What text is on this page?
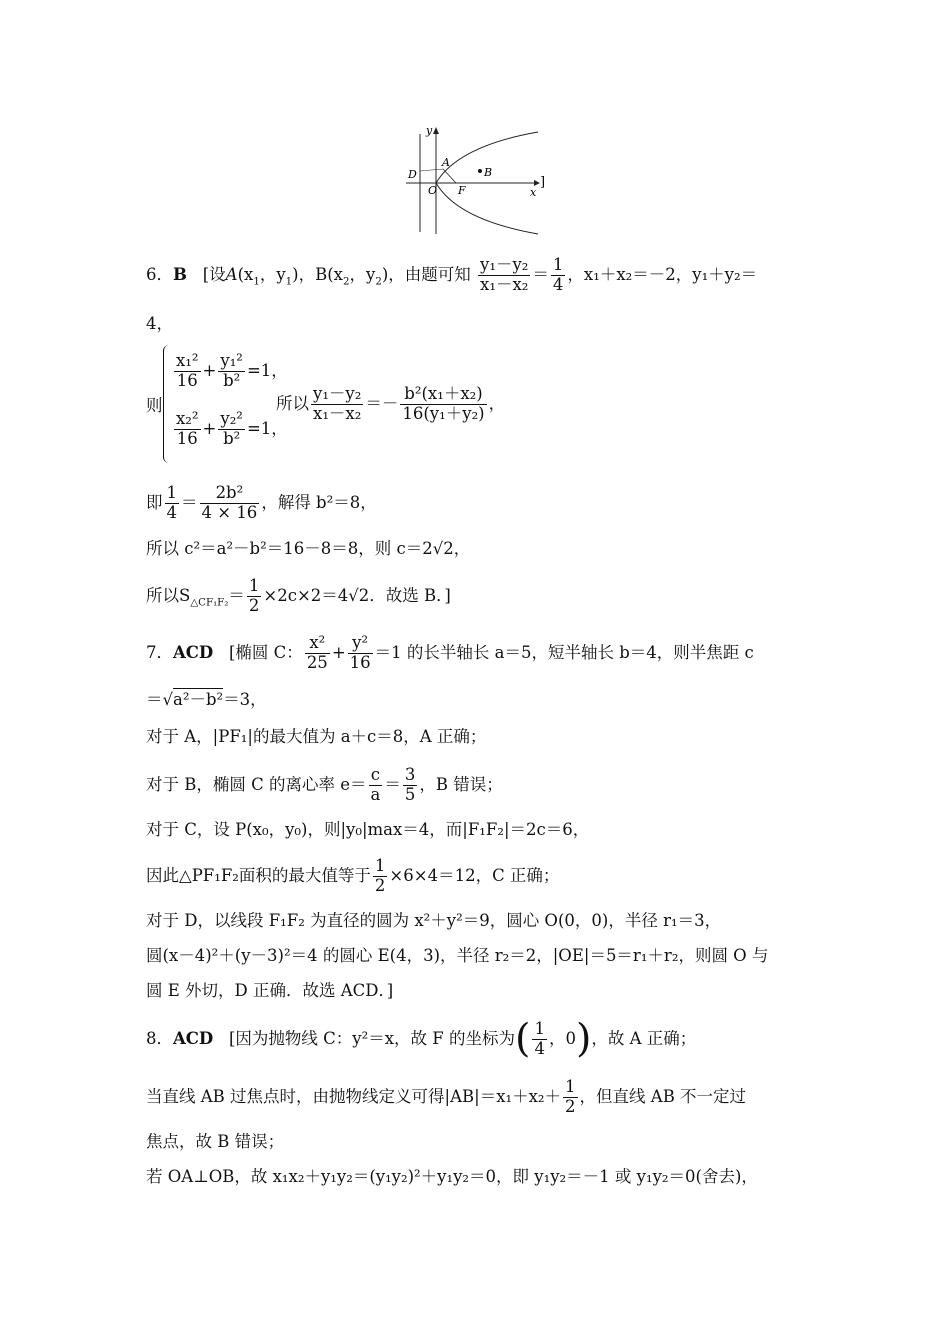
y
x
D
O
A
F
B
]
6．B [设$A(x_1$，$y_1$)，$B(x_2$，$y_2$)，由题可知 $\frac{\text{y₁－y₂}}{\text{x₁－x₂}} = \frac{1}{4}$ ，x₁＋x₂＝－2，y₁＋y₂＝
4，
则
$\frac{\text{x₁²}}{16} + \frac{\text{y₁²}}{\text{b²}} =1$，
$\frac{\text{x₂²}}{16} + \frac{\text{y₂²}}{\text{b²}} =1$，
所以 $\frac{\text{y₁－y₂}}{\text{x₁－x₂}} =- \frac{\text{b²(x₁＋x₂)}}{\text{16(y₁＋y₂)}}$ ，
即 $\frac{1}{4} = \frac{\text{2b²}}{4 \times 16}$ ，解得 b²＝8，
所以 c²＝a²－b²＝16－8＝8，则 c＝2√2，
所以$S_{\triangle CF_1F_2}= \frac{1}{2} \times 2c\times 2=4√2$．故选 B．]
7．ACD [椭圆 C： $\frac{\text{x²}}{25} + \frac{\text{y²}}{16} =1$ 的长半轴长 a＝5，短半轴长 b＝4，则半焦距 c
＝√a²－b²＝3，
对于 A，|PF₁|的最大值为 a＋c＝8，A 正确；
对于 B，椭圆 C 的离心率 $e= \frac{c}{a} = \frac{3}{5}$ ，B 错误；
对于 C，设 P(x₀，y₀)，则|y₀|max＝4，而|F₁F₂|＝2c＝6，
因此△PF₁F₂面积的最大值等于 $\frac{1}{2} \times 6\times 4=12$，C 正确；
对于 D，以线段 F₁F₂ 为直径的圆为 x²＋y²＝9，圆心 O(0，0)，半径 r₁＝3，
圆(x－4)²＋(y－3)²＝4 的圆心 E(4，3)，半径 r₂＝2，|OE|＝5＝r₁＋r₂，则圆 O 与
圆 E 外切，D 正确．故选 ACD．]
8．ACD [因为抛物线 C：y²＝x，故 F 的坐标为( $\frac{1}{4}$ ，0)，故 A 正确；
当直线 AB 过焦点时，由抛物线定义可得$|AB|=x_1+x_2+ \frac{1}{2}$ ，但直线 AB 不一定过
焦点，故 B 错误；
若 OA⊥OB，故 x₁x₂＋y₁y₂＝(y₁y₂)²＋y₁y₂＝0，即 y₁y₂＝－1 或 y₁y₂＝0(舍去)，
